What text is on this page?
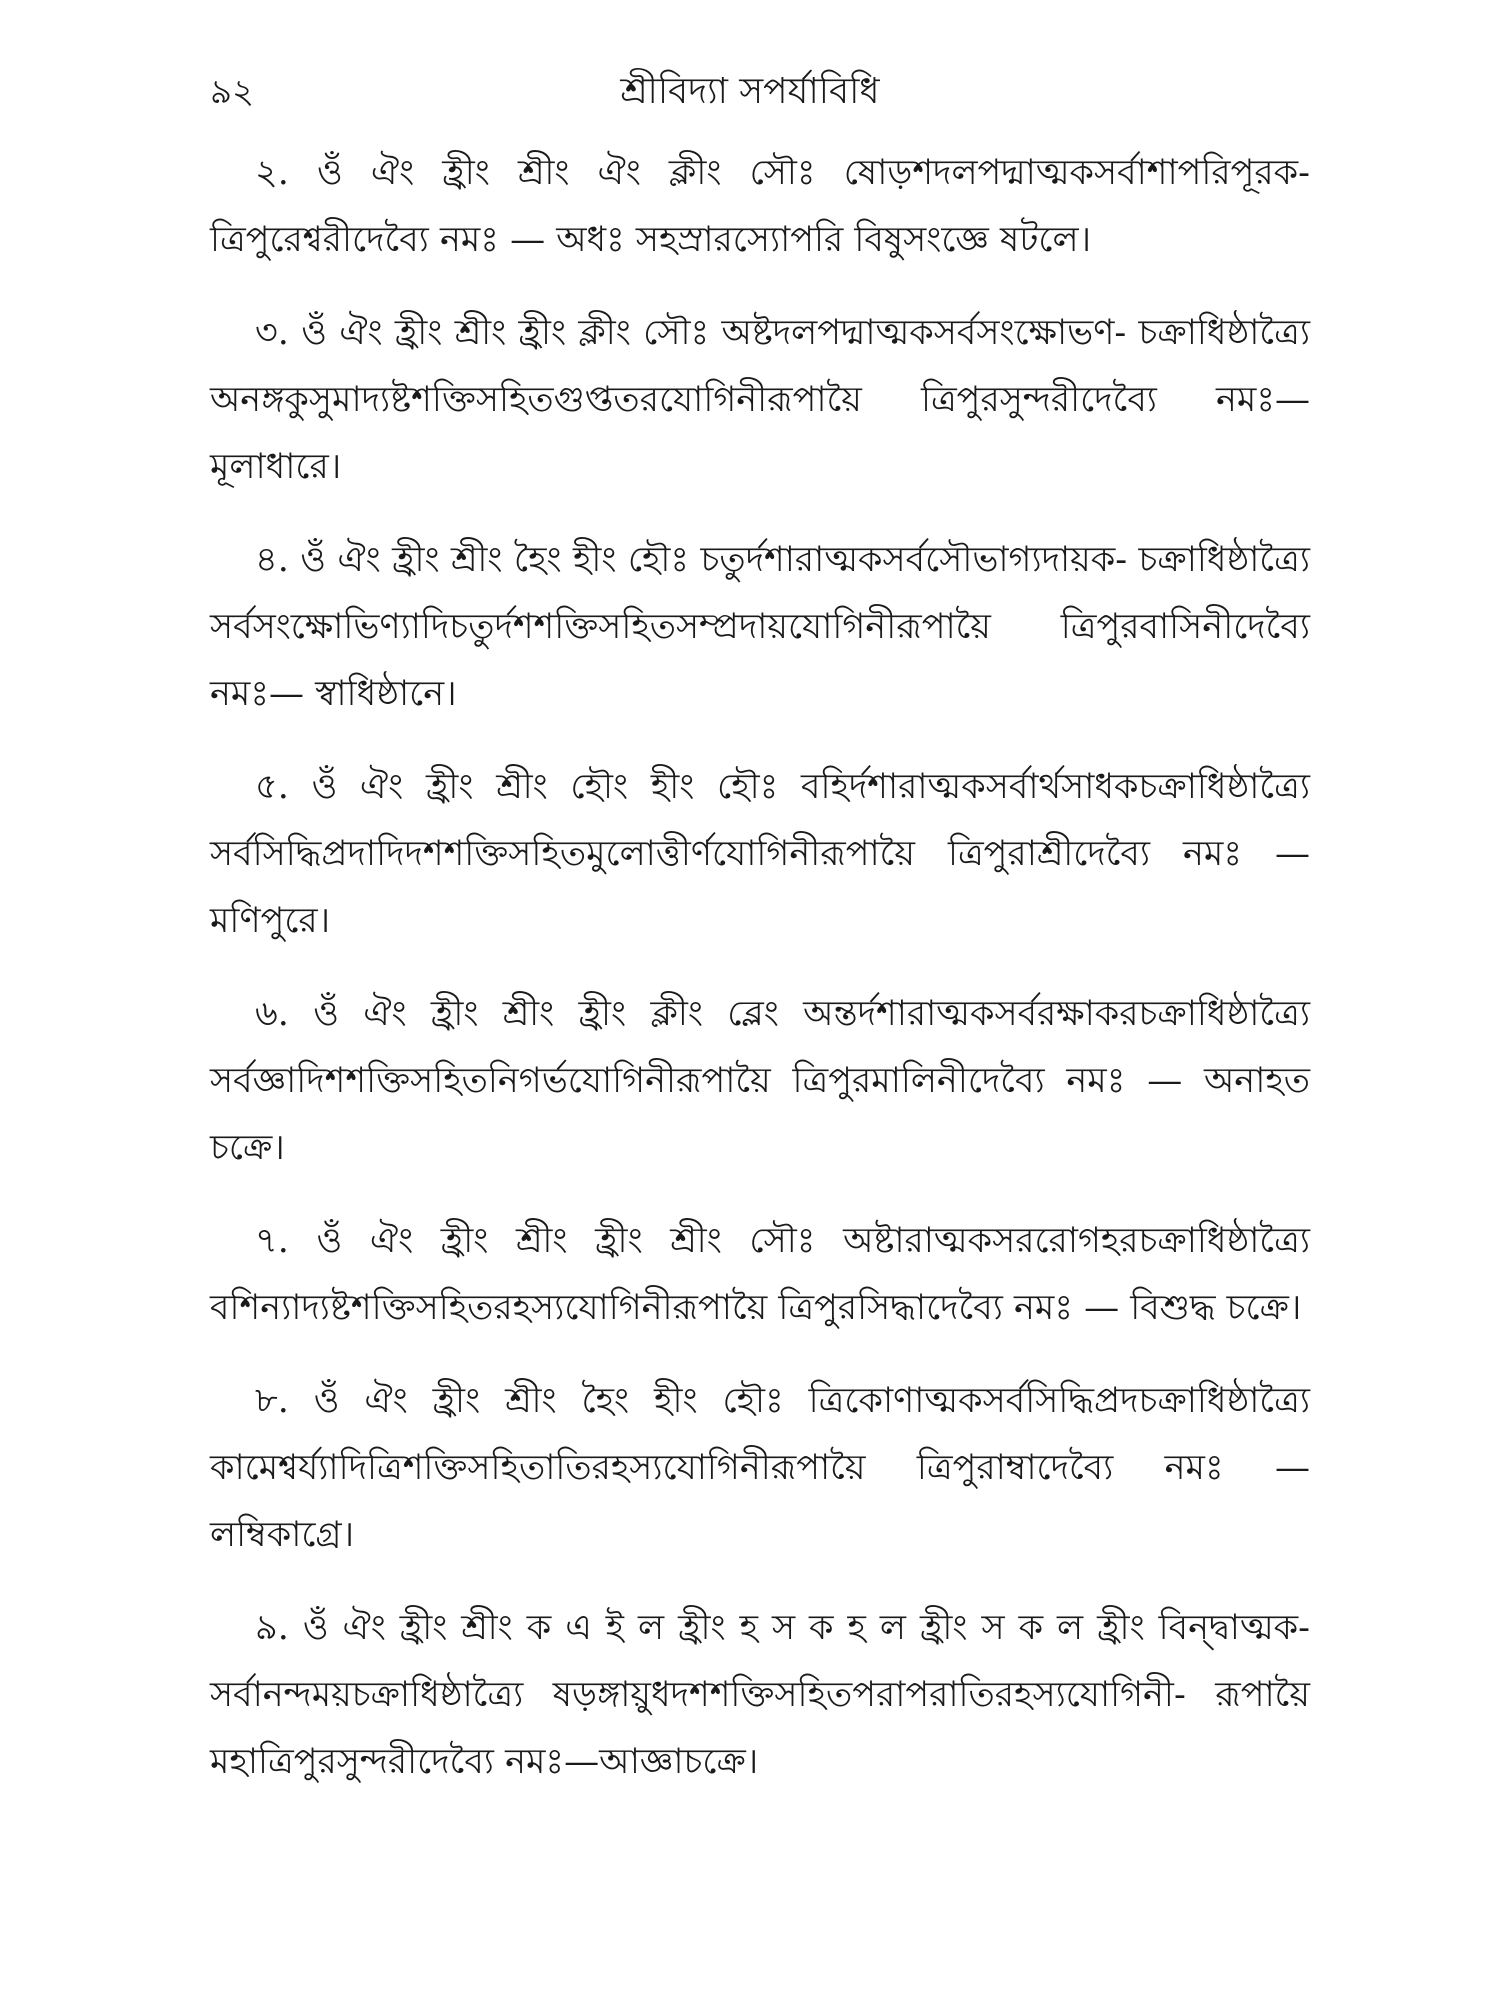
৯২	শ্রীবিদ্যা সপর্যাবিধি

২. ওঁ ঐং হ্রীং শ্রীং ঐং ক্লীং সৌঃ ষোড়শদলপদ্মাত্মকসর্বাশাপরিপূরক- ত্রিপুরেশ্বরীদেব্যৈ নমঃ — অধঃ সহস্রারস্যোপরি বিষুসংজ্ঞে ষটলে।

৩. ওঁ ঐং হ্রীং শ্রীং হ্রীং ক্লীং সৌঃ অষ্টদলপদ্মাত্মকসর্বসংক্ষোভণ- চক্রাধিষ্ঠাত্র্যৈ অনঙ্গকুসুমাদ্যষ্টশক্তিসহিতগুপ্ততরযোগিনীরূপায়ৈ ত্রিপুরসুন্দরীদেব্যৈ নমঃ— মূলাধারে।

৪. ওঁ ঐং হ্রীং শ্রীং হৈং হীং হৌঃ চতুর্দশারাত্মকসর্বসৌভাগ্যদায়ক- চক্রাধিষ্ঠাত্র্যৈ সর্বসংক্ষোভিণ্যাদিচতুর্দশশক্তিসহিতসম্প্রদায়যোগিনীরূপায়ৈ ত্রিপুরবাসিনীদেব্যৈ নমঃ— স্বাধিষ্ঠানে।

৫. ওঁ ঐং হ্রীং শ্রীং হৌং হীং হৌঃ বহির্দশারাত্মকসর্বার্থসাধকচক্রাধিষ্ঠাত্র্যৈ সর্বসিদ্ধিপ্রদাদিদশশক্তিসহিতমুলোত্তীর্ণযোগিনীরূপায়ৈ ত্রিপুরাশ্রীদেব্যৈ নমঃ — মণিপুরে।

৬. ওঁ ঐং হ্রীং শ্রীং হ্রীং ক্লীং ব্লেং অন্তর্দশারাত্মকসর্বরক্ষাকরচক্রাধিষ্ঠাত্র্যৈ সর্বজ্ঞাদিশশক্তিসহিতনিগর্ভযোগিনীরূপায়ৈ ত্রিপুরমালিনীদেব্যৈ নমঃ — অনাহত চক্রে।

৭. ওঁ ঐং হ্রীং শ্রীং হ্রীং শ্রীং সৌঃ অষ্টারাত্মকসররোগহরচক্রাধিষ্ঠাত্র্যৈ বশিন্যাদ্যষ্টশক্তিসহিতরহস্যযোগিনীরূপায়ৈ ত্রিপুরসিদ্ধাদেব্যৈ নমঃ — বিশুদ্ধ চক্রে।

৮. ওঁ ঐং হ্রীং শ্রীং হৈং হীং হৌঃ ত্রিকোণাত্মকসর্বসিদ্ধিপ্রদচক্রাধিষ্ঠাত্র্যৈ কামেশ্বর্য্যাদিত্রিশক্তিসহিতাতিরহস্যযোগিনীরূপায়ৈ ত্রিপুরাম্বাদেব্যৈ নমঃ — লম্বিকাগ্রে।

৯. ওঁ ঐং হ্রীং শ্রীং ক এ ই ল হ্রীং হ স ক হ ল হ্রীং স ক ল হ্রীং বিন্দ্বাত্মক- সর্বানন্দময়চক্রাধিষ্ঠাত্র্যৈ ষড়ঙ্গায়ুধদশশক্তিসহিতপরাপরাতিরহস্যযোগিনী- রূপায়ৈ মহাত্রিপুরসুন্দরীদেব্যৈ নমঃ—আজ্ঞাচক্রে।
